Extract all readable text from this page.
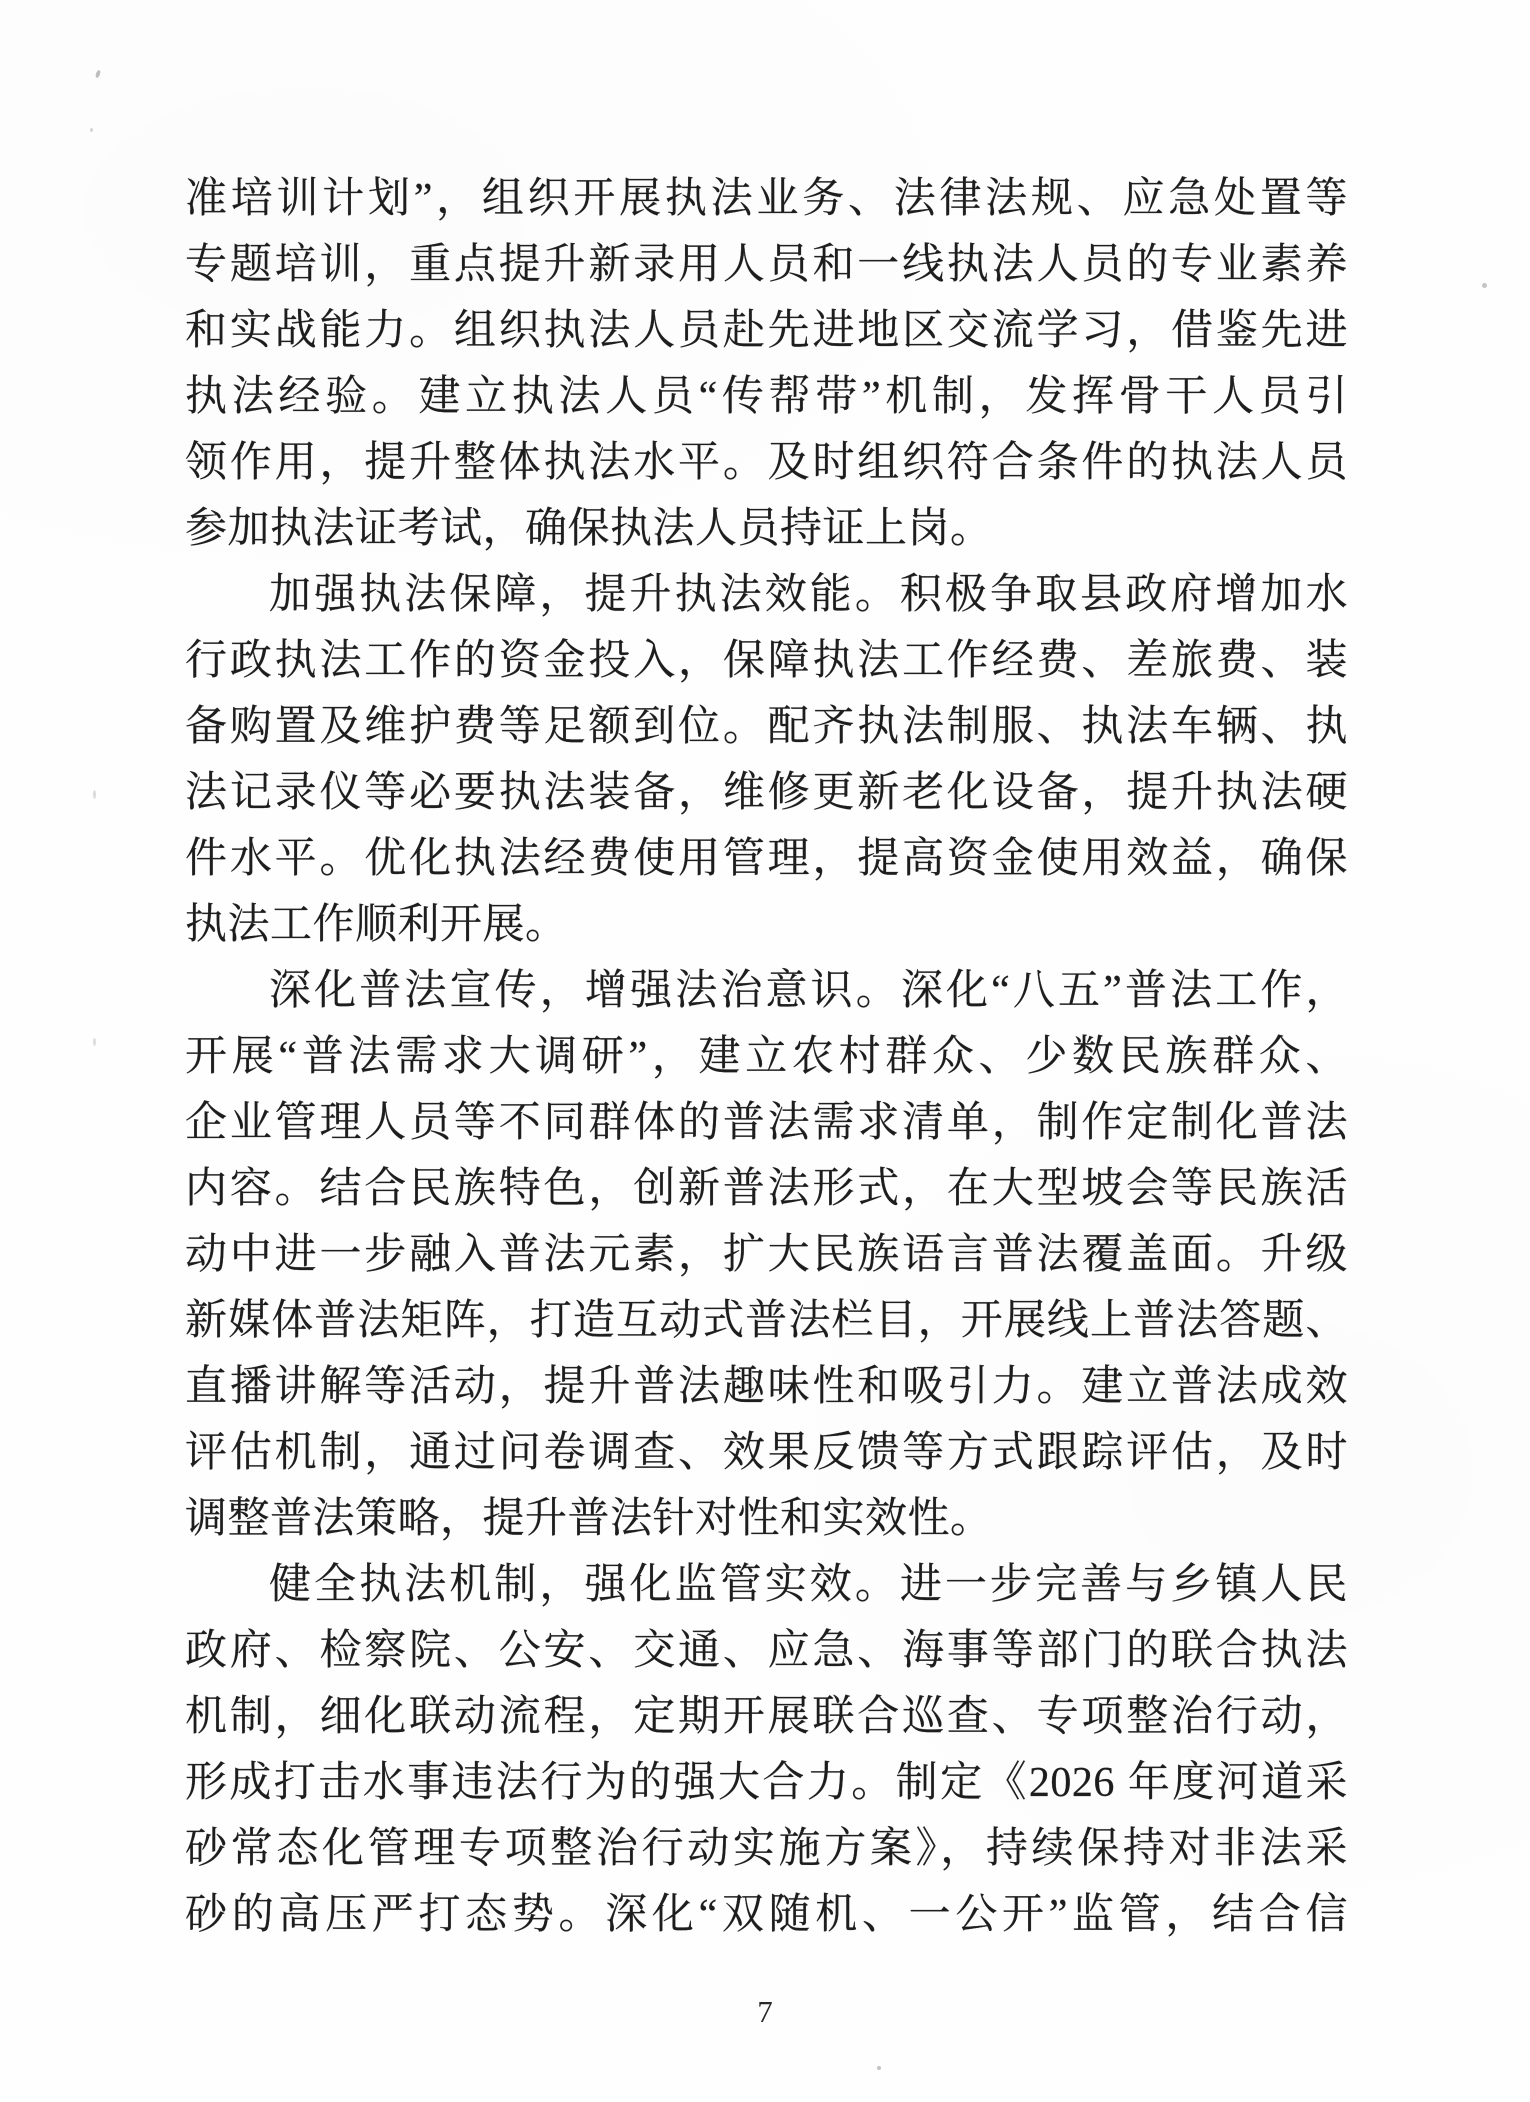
准培训计划”，组织开展执法业务、法律法规、应急处置等
专题培训，重点提升新录用人员和一线执法人员的专业素养
和实战能力。组织执法人员赴先进地区交流学习，借鉴先进
执法经验。建立执法人员“传帮带”机制，发挥骨干人员引
领作用，提升整体执法水平。及时组织符合条件的执法人员
参加执法证考试，确保执法人员持证上岗。
加强执法保障，提升执法效能。积极争取县政府增加水
行政执法工作的资金投入，保障执法工作经费、差旅费、装
备购置及维护费等足额到位。配齐执法制服、执法车辆、执
法记录仪等必要执法装备，维修更新老化设备，提升执法硬
件水平。优化执法经费使用管理，提高资金使用效益，确保
执法工作顺利开展。
深化普法宣传，增强法治意识。深化“八五”普法工作，
开展“普法需求大调研”，建立农村群众、少数民族群众、
企业管理人员等不同群体的普法需求清单，制作定制化普法
内容。结合民族特色，创新普法形式，在大型坡会等民族活
动中进一步融入普法元素，扩大民族语言普法覆盖面。升级
新媒体普法矩阵，打造互动式普法栏目，开展线上普法答题、
直播讲解等活动，提升普法趣味性和吸引力。建立普法成效
评估机制，通过问卷调查、效果反馈等方式跟踪评估，及时
调整普法策略，提升普法针对性和实效性。
健全执法机制，强化监管实效。进一步完善与乡镇人民
政府、检察院、公安、交通、应急、海事等部门的联合执法
机制，细化联动流程，定期开展联合巡查、专项整治行动，
形成打击水事违法行为的强大合力。制定《2026 年度河道采
砂常态化管理专项整治行动实施方案》，持续保持对非法采
砂的高压严打态势。深化“双随机、一公开”监管，结合信
7
